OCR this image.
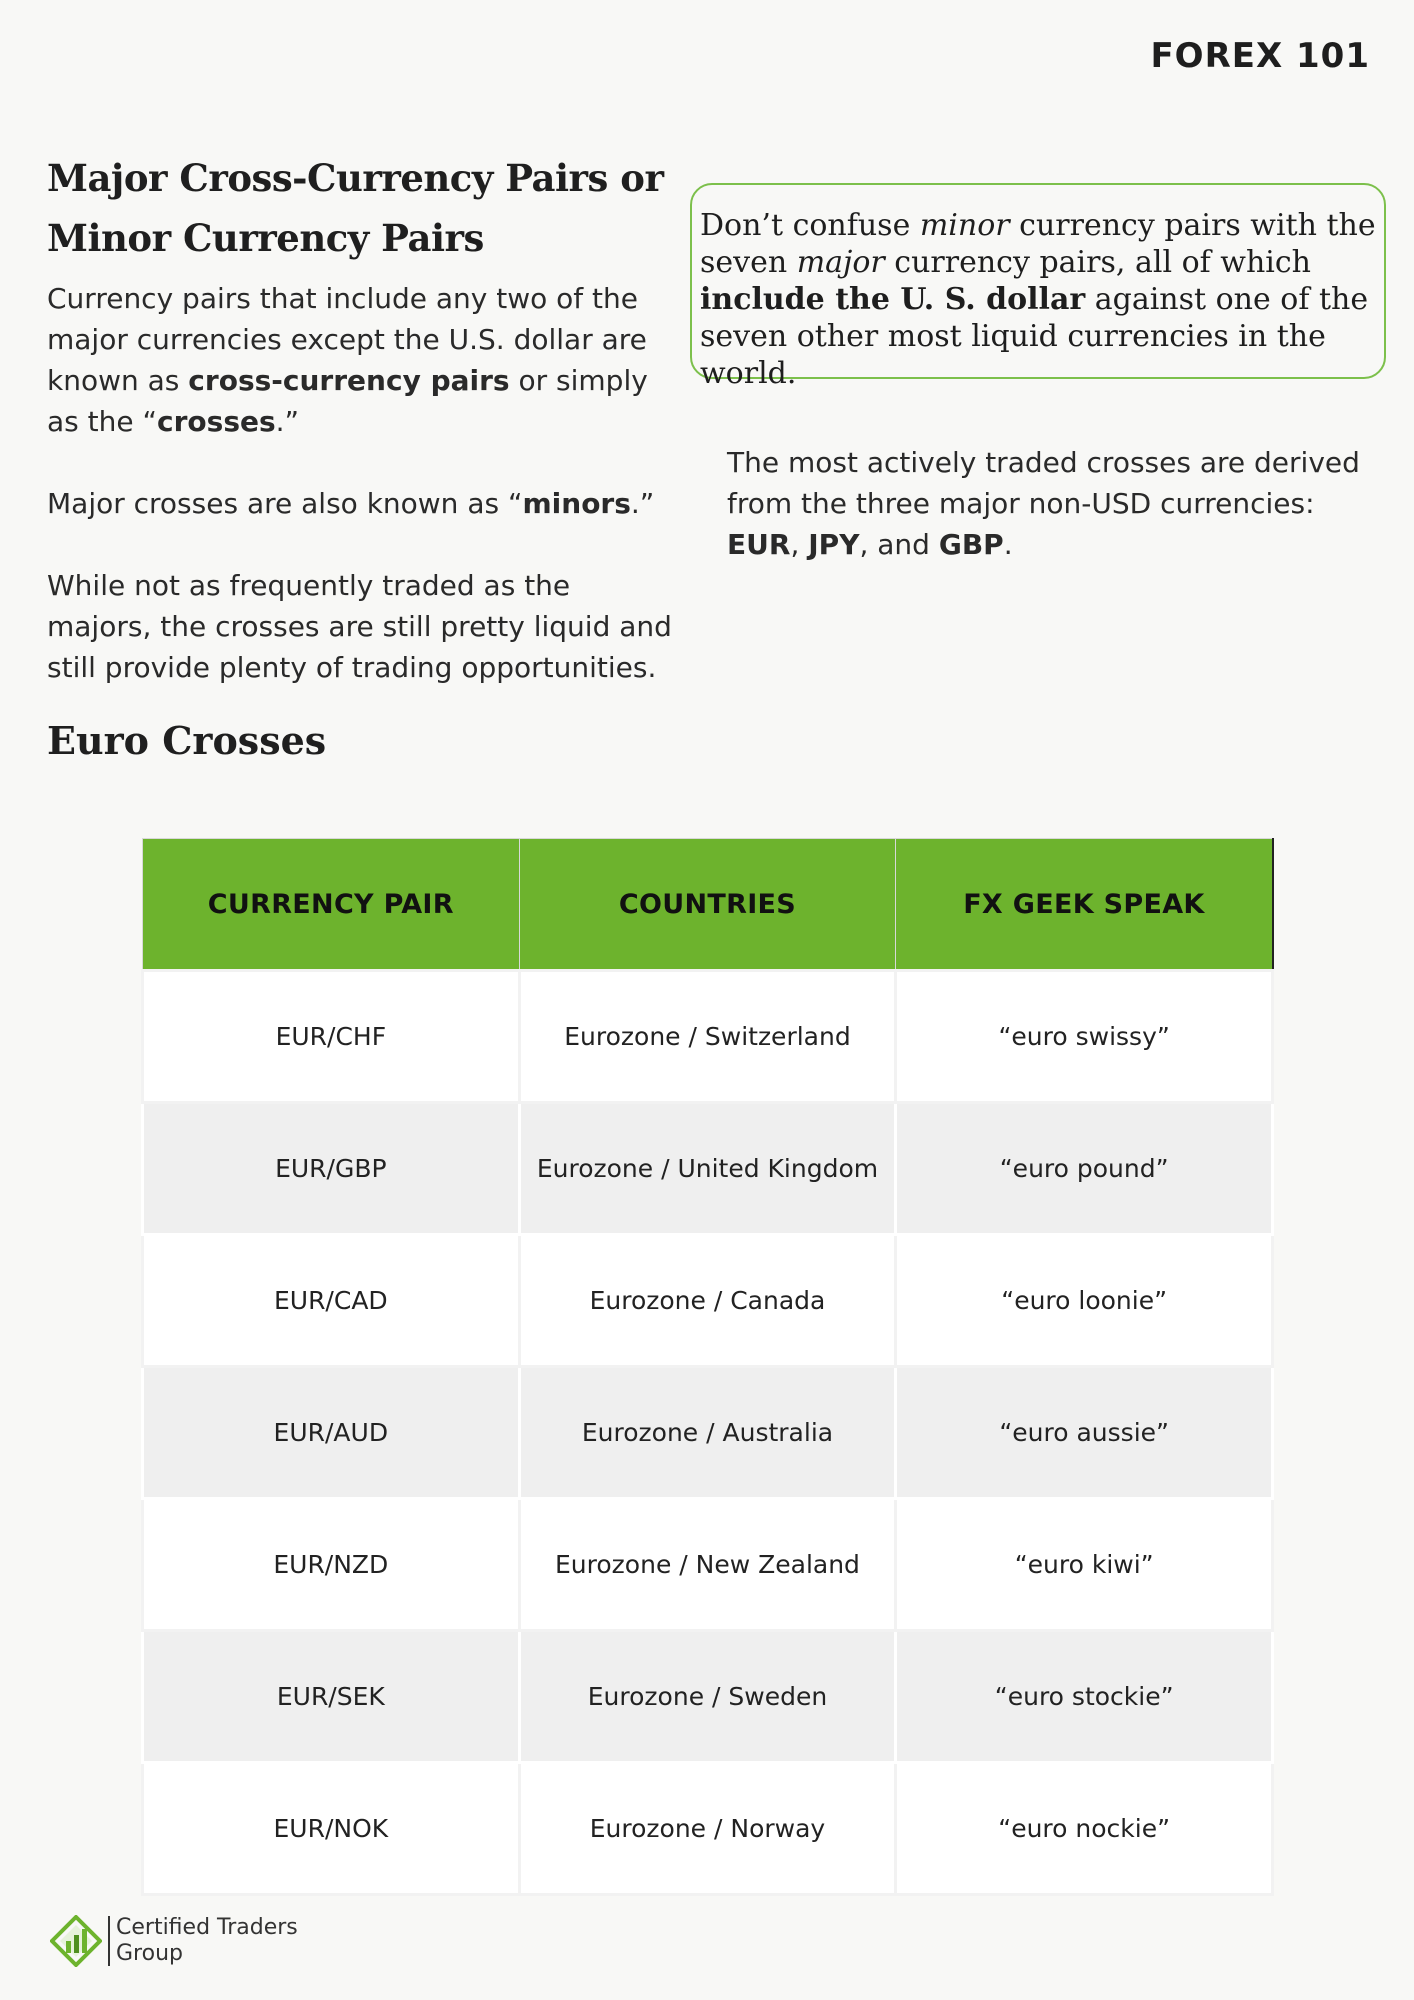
FOREX 101
Major Cross-Currency Pairs or Minor Currency Pairs

Currency pairs that include any two of the major currencies except the U.S. dollar are known as cross-currency pairs or simply as the “crosses.”

Major crosses are also known as “minors.”

While not as frequently traded as the majors, the crosses are still pretty liquid and still provide plenty of trading opportunities.

Don’t confuse minor currency pairs with the seven major currency pairs, all of which include the U. S. dollar against one of the seven other most liquid currencies in the world.

The most actively traded crosses are derived from the three major non-USD currencies: EUR, JPY, and GBP.

Euro Crosses
CURRENCY PAIR	COUNTRIES	FX GEEK SPEAK
EUR/CHF	Eurozone / Switzerland	“euro swissy”
EUR/GBP	Eurozone / United Kingdom	“euro pound”
EUR/CAD	Eurozone / Canada	“euro loonie”
EUR/AUD	Eurozone / Australia	“euro aussie”
EUR/NZD	Eurozone / New Zealand	“euro kiwi”
EUR/SEK	Eurozone / Sweden	“euro stockie”
EUR/NOK	Eurozone / Norway	“euro nockie”
Certified Traders
Group
